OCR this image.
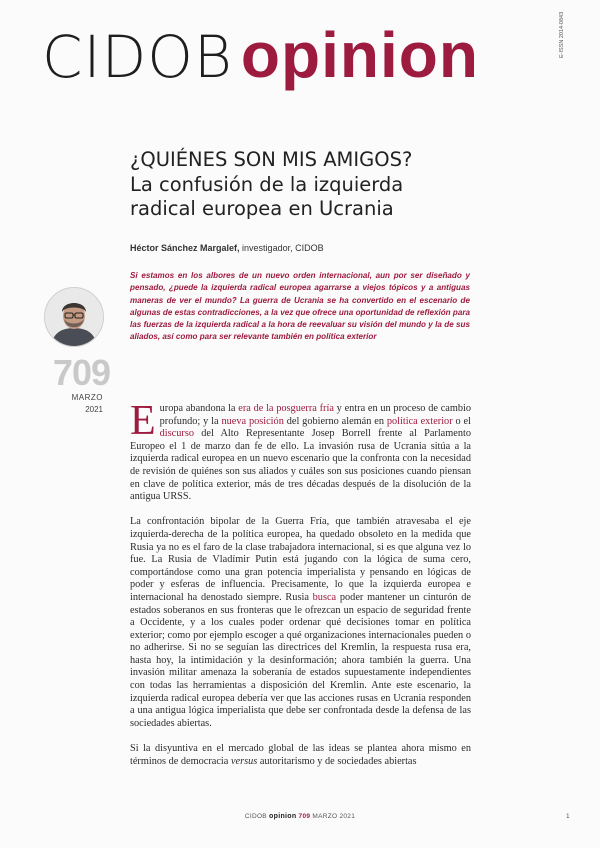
CIDOB opinion	E-ISSN 2014-0843
¿QUIÉNES SON MIS AMIGOS?
La confusión de la izquierda
radical europea en Ucrania
Héctor Sánchez Margalef, investigador, CIDOB
709
MARZO
2021
Si estamos en los albores de un nuevo orden internacional, aun por ser diseñado y pensado, ¿puede la izquierda radical europea agarrarse a viejos tópicos y a antiguas maneras de ver el mundo? La guerra de Ucrania se ha convertido en el escenario de algunas de estas contradicciones, a la vez que ofrece una oportunidad de reflexión para las fuerzas de la izquierda radical a la hora de reevaluar su visión del mundo y la de sus aliados, así como para ser relevante también en política exterior

Europa abandona la era de la posguerra fría y entra en un proceso de cambio profundo; y la nueva posición del gobierno alemán en política exterior o el discurso del Alto Representante Josep Borrell frente al Parlamento Europeo el 1 de marzo dan fe de ello. La invasión rusa de Ucrania sitúa a la izquierda radical europea en un nuevo escenario que la confronta con la necesidad de revisión de quiénes son sus aliados y cuáles son sus posiciones cuando piensan en clave de política exterior, más de tres décadas después de la disolución de la antigua URSS.

La confrontación bipolar de la Guerra Fría, que también atravesaba el eje izquierda-derecha de la política europea, ha quedado obsoleto en la medida que Rusia ya no es el faro de la clase trabajadora internacional, si es que alguna vez lo fue. La Rusia de Vladímir Putin está jugando con la lógica de suma cero, comportándose como una gran potencia imperialista y pensando en lógicas de poder y esferas de influencia. Precisamente, lo que la izquierda europea e internacional ha denostado siempre. Rusia busca poder mantener un cinturón de estados soberanos en sus fronteras que le ofrezcan un espacio de seguridad frente a Occidente, y a los cuales poder ordenar qué decisiones tomar en política exterior; como por ejemplo escoger a qué organizaciones internacionales pueden o no adherirse. Si no se seguían las directrices del Kremlin, la respuesta rusa era, hasta hoy, la intimidación y la desinformación; ahora también la guerra. Una invasión militar amenaza la soberanía de estados supuestamente independientes con todas las herramientas a disposición del Kremlin. Ante este escenario, la izquierda radical europea debería ver que las acciones rusas en Ucrania responden a una antigua lógica imperialista que debe ser confrontada desde la defensa de las sociedades abiertas.

Si la disyuntiva en el mercado global de las ideas se plantea ahora mismo en términos de democracia versus autoritarismo y de sociedades abiertas

CIDOB opinion 709 MARZO 2021	1
